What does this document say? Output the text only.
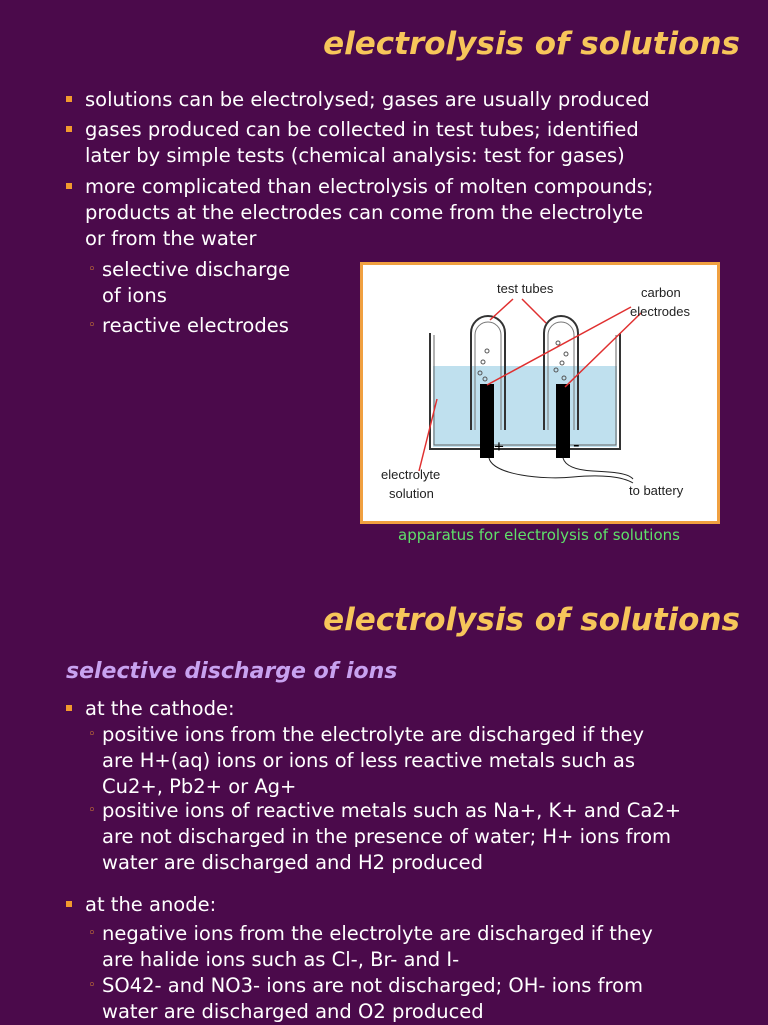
electrolysis of solutions
solutions can be electrolysed; gases are usually produced
gases produced can be collected in test tubes; identified
later by simple tests (chemical analysis: test for gases)
more complicated than electrolysis of molten compounds;
products at the electrodes can come from the electrolyte
or from the water
◦ selective discharge
of ions
◦ reactive electrodes
test tubes	carbon
electrodes
electrolyte
solution	to battery
+	-
apparatus for electrolysis of solutions
electrolysis of solutions
selective discharge of ions
at the cathode:
◦ positive ions from the electrolyte are discharged if they
are H+(aq) ions or ions of less reactive metals such as
Cu2+, Pb2+ or Ag+
◦ positive ions of reactive metals such as Na+, K+ and Ca2+
are not discharged in the presence of water; H+ ions from
water are discharged and H2 produced
at the anode:
◦ negative ions from the electrolyte are discharged if they
are halide ions such as Cl-, Br- and I-
◦ SO42- and NO3- ions are not discharged; OH- ions from
water are discharged and O2 produced
